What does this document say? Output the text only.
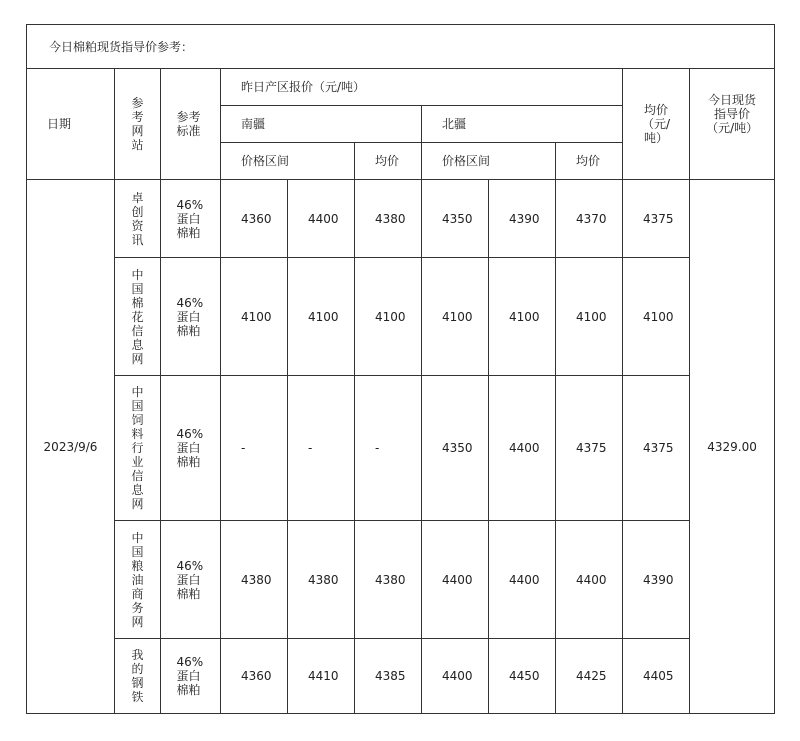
今日棉粕现货指导价参考：										
日期	参考网站	参考标准	昨日产区报价（元/吨）						均价（元/吨）	今日现货指导价（元/吨）

			南疆			北疆				
			价格区间		均价	价格区间		均价		
2023/9/6	卓创资讯	46%蛋白棉粕	4360	4400	4380	4350	4390	4370	4375	4329.00
	中国棉花信息网	46%蛋白棉粕	4100	4100	4100	4100	4100	4100	4100	
	中国饲料行业信息网	46%蛋白棉粕	-	-	-	4350	4400	4375	4375	
	中国粮油商务网	46%蛋白棉粕	4380	4380	4380	4400	4400	4400	4390	
	我的钢铁	46%蛋白棉粕	4360	4410	4385	4400	4450	4425	4405	
